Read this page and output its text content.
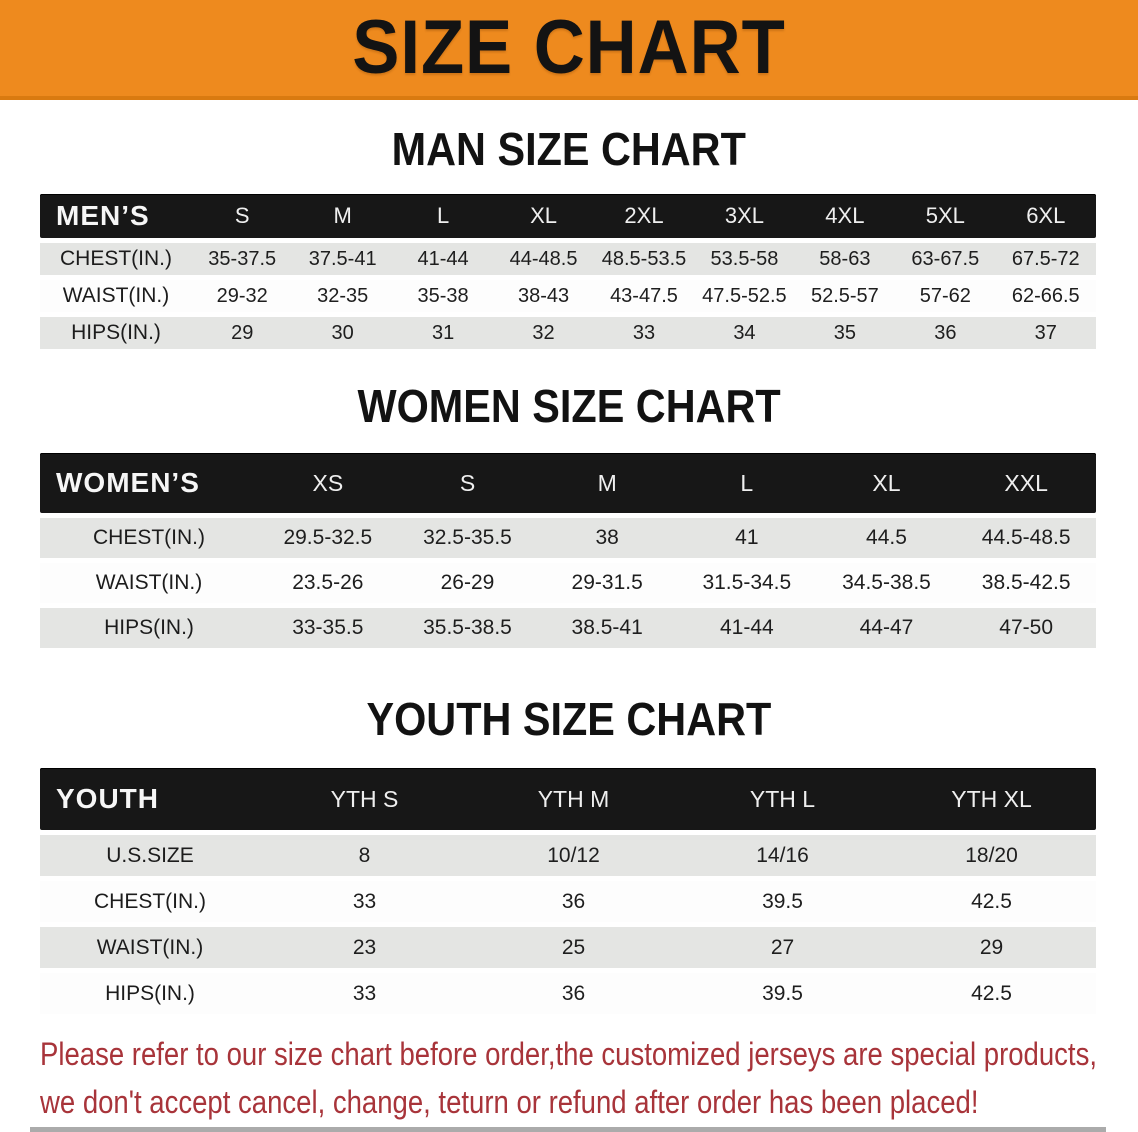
SIZE CHART
MAN SIZE CHART
MEN’S	S	M	L	XL	2XL	3XL	4XL	5XL	6XL
CHEST(IN.)	35-37.5	37.5-41	41-44	44-48.5	48.5-53.5	53.5-58	58-63	63-67.5	67.5-72
WAIST(IN.)	29-32	32-35	35-38	38-43	43-47.5	47.5-52.5	52.5-57	57-62	62-66.5
HIPS(IN.)	29	30	31	32	33	34	35	36	37
WOMEN SIZE CHART
WOMEN’S	XS	S	M	L	XL	XXL
CHEST(IN.)	29.5-32.5	32.5-35.5	38	41	44.5	44.5-48.5
WAIST(IN.)	23.5-26	26-29	29-31.5	31.5-34.5	34.5-38.5	38.5-42.5
HIPS(IN.)	33-35.5	35.5-38.5	38.5-41	41-44	44-47	47-50
YOUTH SIZE CHART
YOUTH	YTH S	YTH M	YTH L	YTH XL
U.S.SIZE	8	10/12	14/16	18/20
CHEST(IN.)	33	36	39.5	42.5
WAIST(IN.)	23	25	27	29
HIPS(IN.)	33	36	39.5	42.5

Please refer to our size chart before order,the customized jerseys are special products,
we don't accept cancel, change, teturn or refund after order has been placed!
